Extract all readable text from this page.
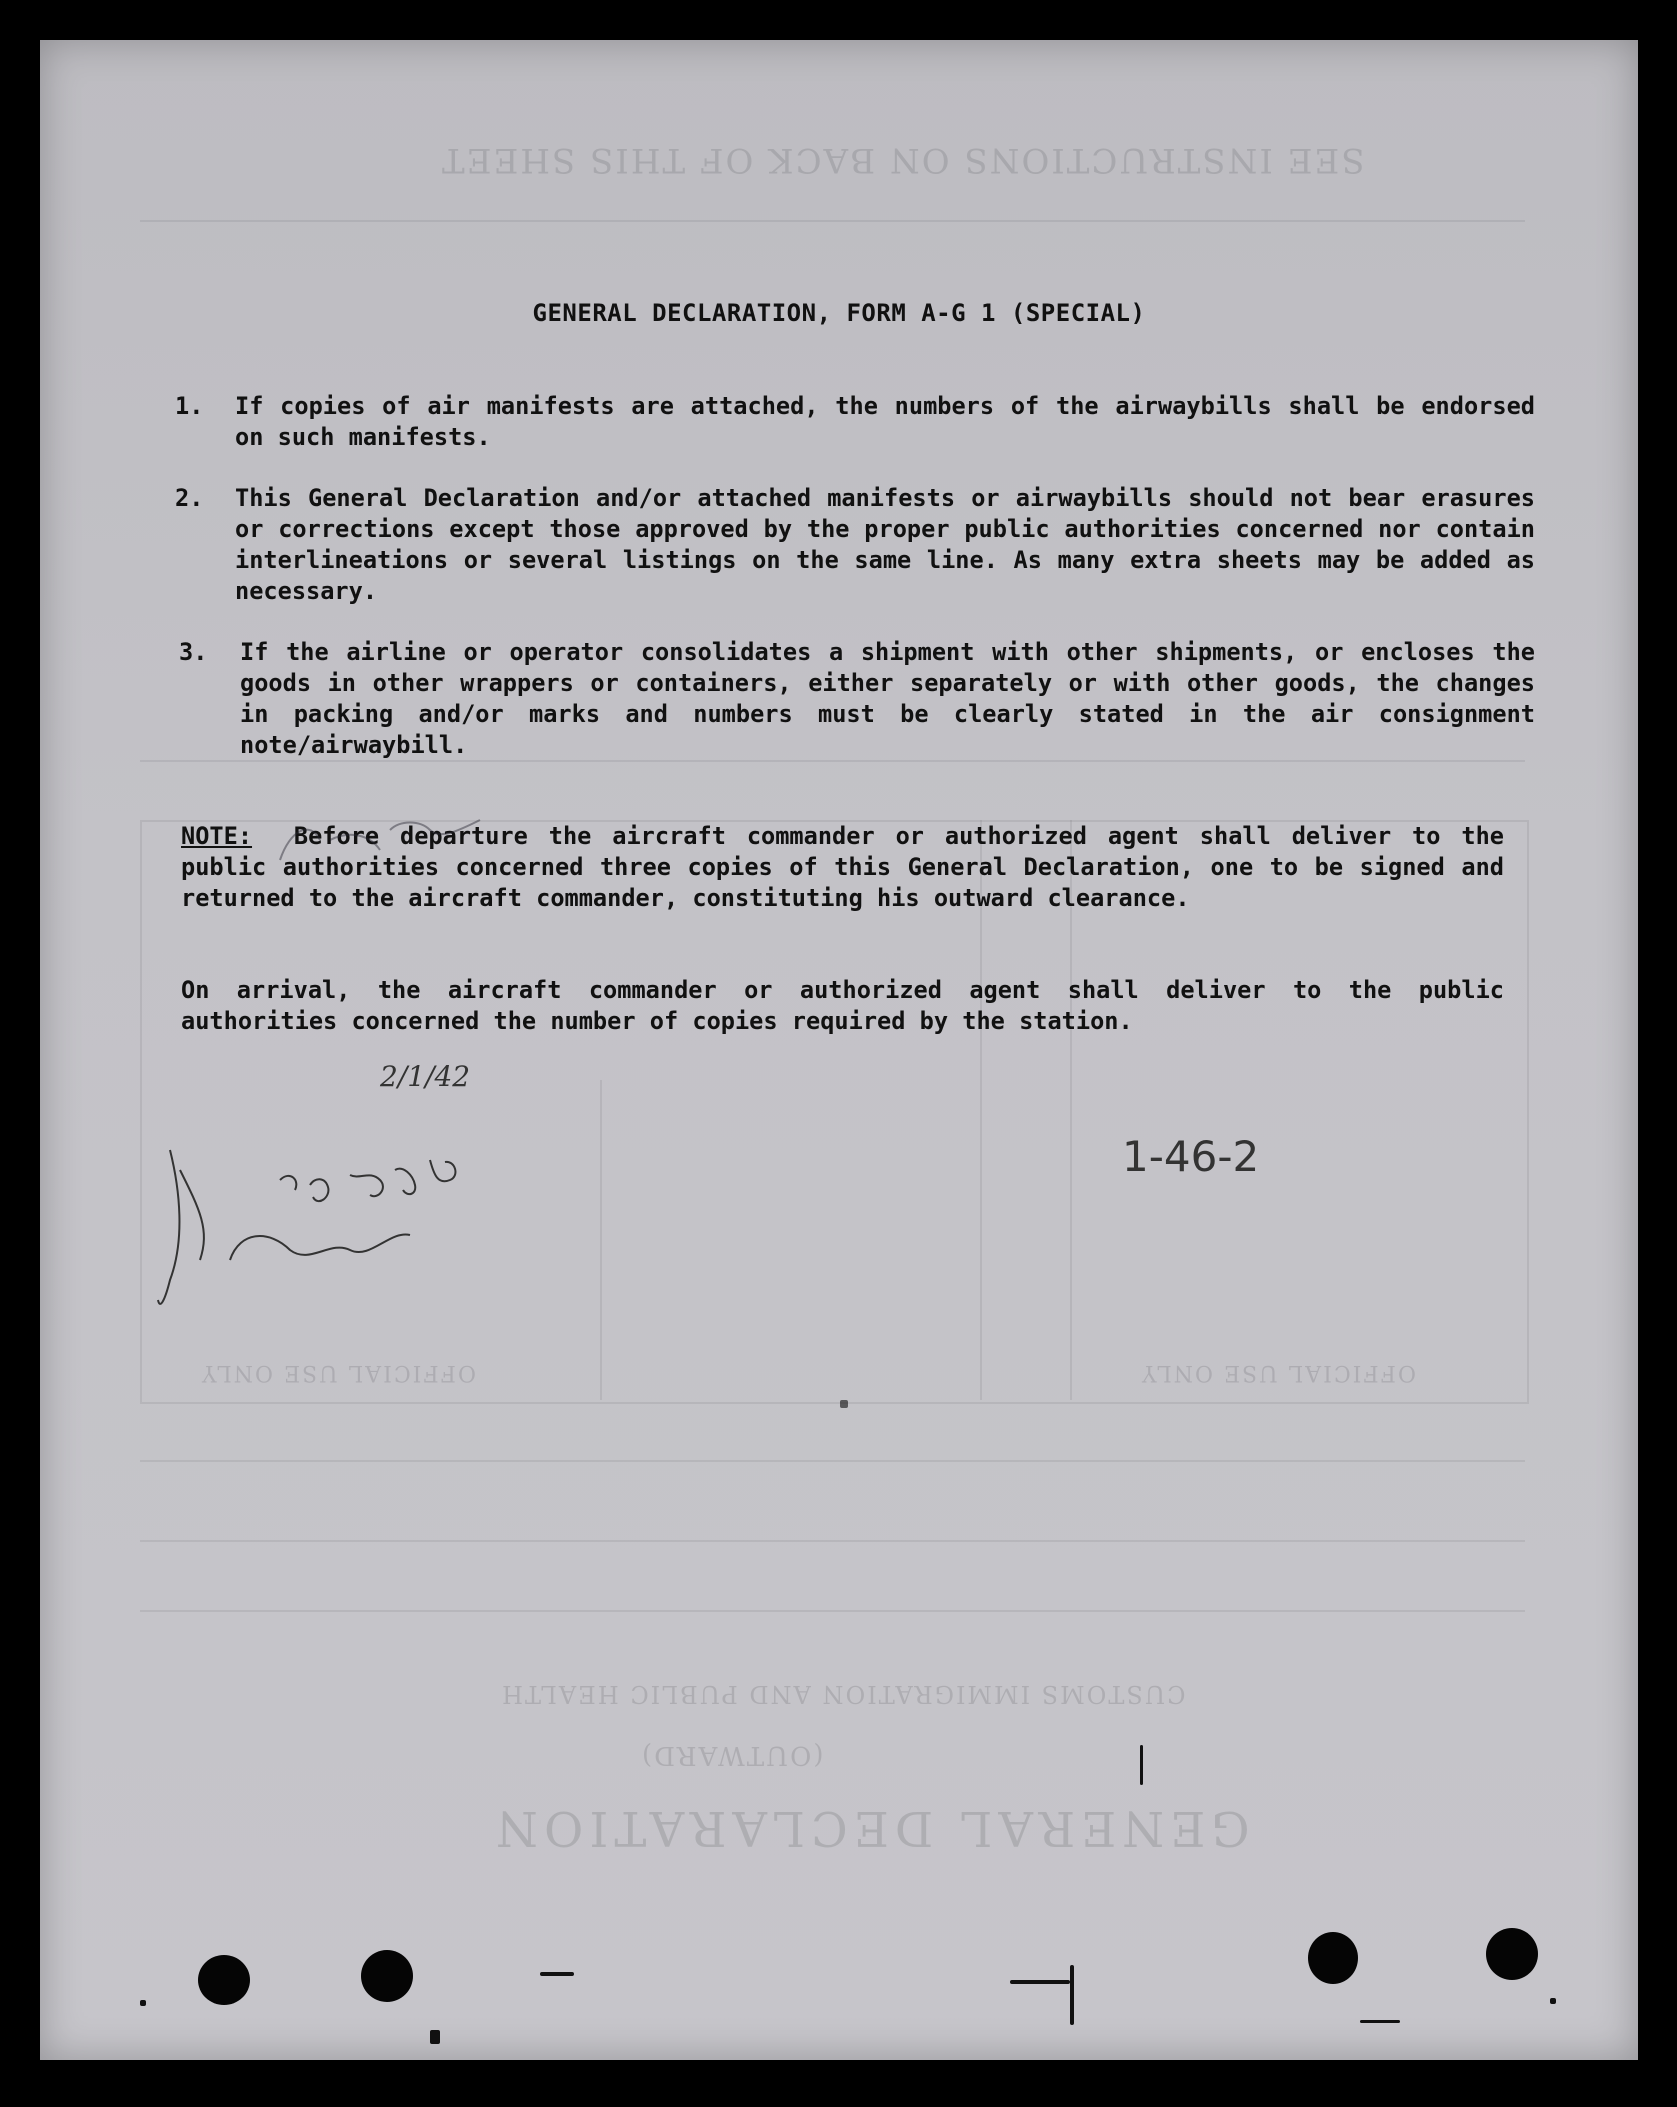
SEE INSTRUCTIONS ON BACK OF THIS SHEET
GENERAL DECLARATION
(OUTWARD)
CUSTOMS IMMIGRATION AND PUBLIC HEALTH
OFFICIAL USE ONLY
OFFICIAL USE ONLY
GENERAL DECLARATION, FORM A-G 1 (SPECIAL)
1. If copies of air manifests are attached, the numbers of the airwaybills shall be endorsed on such manifests.
2. This General Declaration and/or attached manifests or airwaybills should not bear erasures or corrections except those approved by the proper public authorities concerned nor contain interlineations or several listings on the same line. As many extra sheets may be added as necessary.
3. If the airline or operator consolidates a shipment with other shipments, or encloses the goods in other wrappers or containers, either separately or with other goods, the changes in packing and/or marks and numbers must be clearly stated in the air consignment note/airwaybill.
NOTE: Before departure the aircraft commander or authorized agent shall deliver to the public authorities concerned three copies of this General Declaration, one to be signed and returned to the aircraft commander, constituting his outward clearance.
On arrival, the aircraft commander or authorized agent shall deliver to the public authorities concerned the number of copies required by the station.
2/1/42
1-46-2
